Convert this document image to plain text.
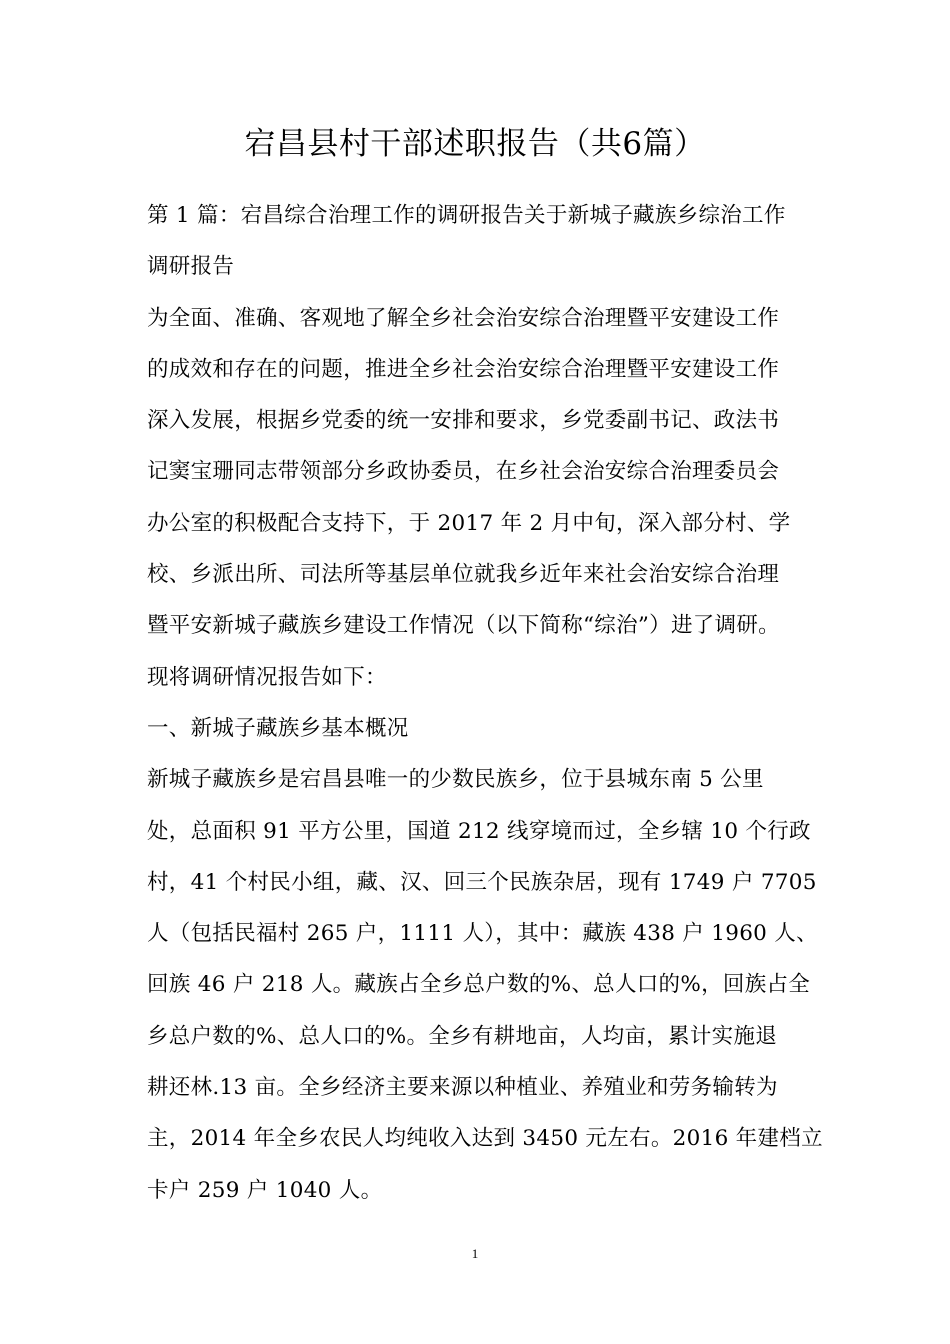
宕昌县村干部述职报告（共6篇）
第 1 篇：宕昌综合治理工作的调研报告关于新城子藏族乡综治工作
调研报告
为全面、准确、客观地了解全乡社会治安综合治理暨平安建设工作
的成效和存在的问题，推进全乡社会治安综合治理暨平安建设工作
深入发展，根据乡党委的统一安排和要求，乡党委副书记、政法书
记窦宝珊同志带领部分乡政协委员，在乡社会治安综合治理委员会
办公室的积极配合支持下，于 2017 年 2 月中旬，深入部分村、学
校、乡派出所、司法所等基层单位就我乡近年来社会治安综合治理
暨平安新城子藏族乡建设工作情况（以下简称“综治”）进了调研。
现将调研情况报告如下：
一、新城子藏族乡基本概况
新城子藏族乡是宕昌县唯一的少数民族乡，位于县城东南 5 公里
处，总面积 91 平方公里，国道 212 线穿境而过，全乡辖 10 个行政
村，41 个村民小组，藏、汉、回三个民族杂居，现有 1749 户 7705
人（包括民福村 265 户，1111 人），其中：藏族 438 户 1960 人、
回族 46 户 218 人。藏族占全乡总户数的%、总人口的%，回族占全
乡总户数的%、总人口的%。全乡有耕地亩，人均亩，累计实施退
耕还林.13 亩。全乡经济主要来源以种植业、养殖业和劳务输转为
主，2014 年全乡农民人均纯收入达到 3450 元左右。2016 年建档立
卡户 259 户 1040 人。
1
